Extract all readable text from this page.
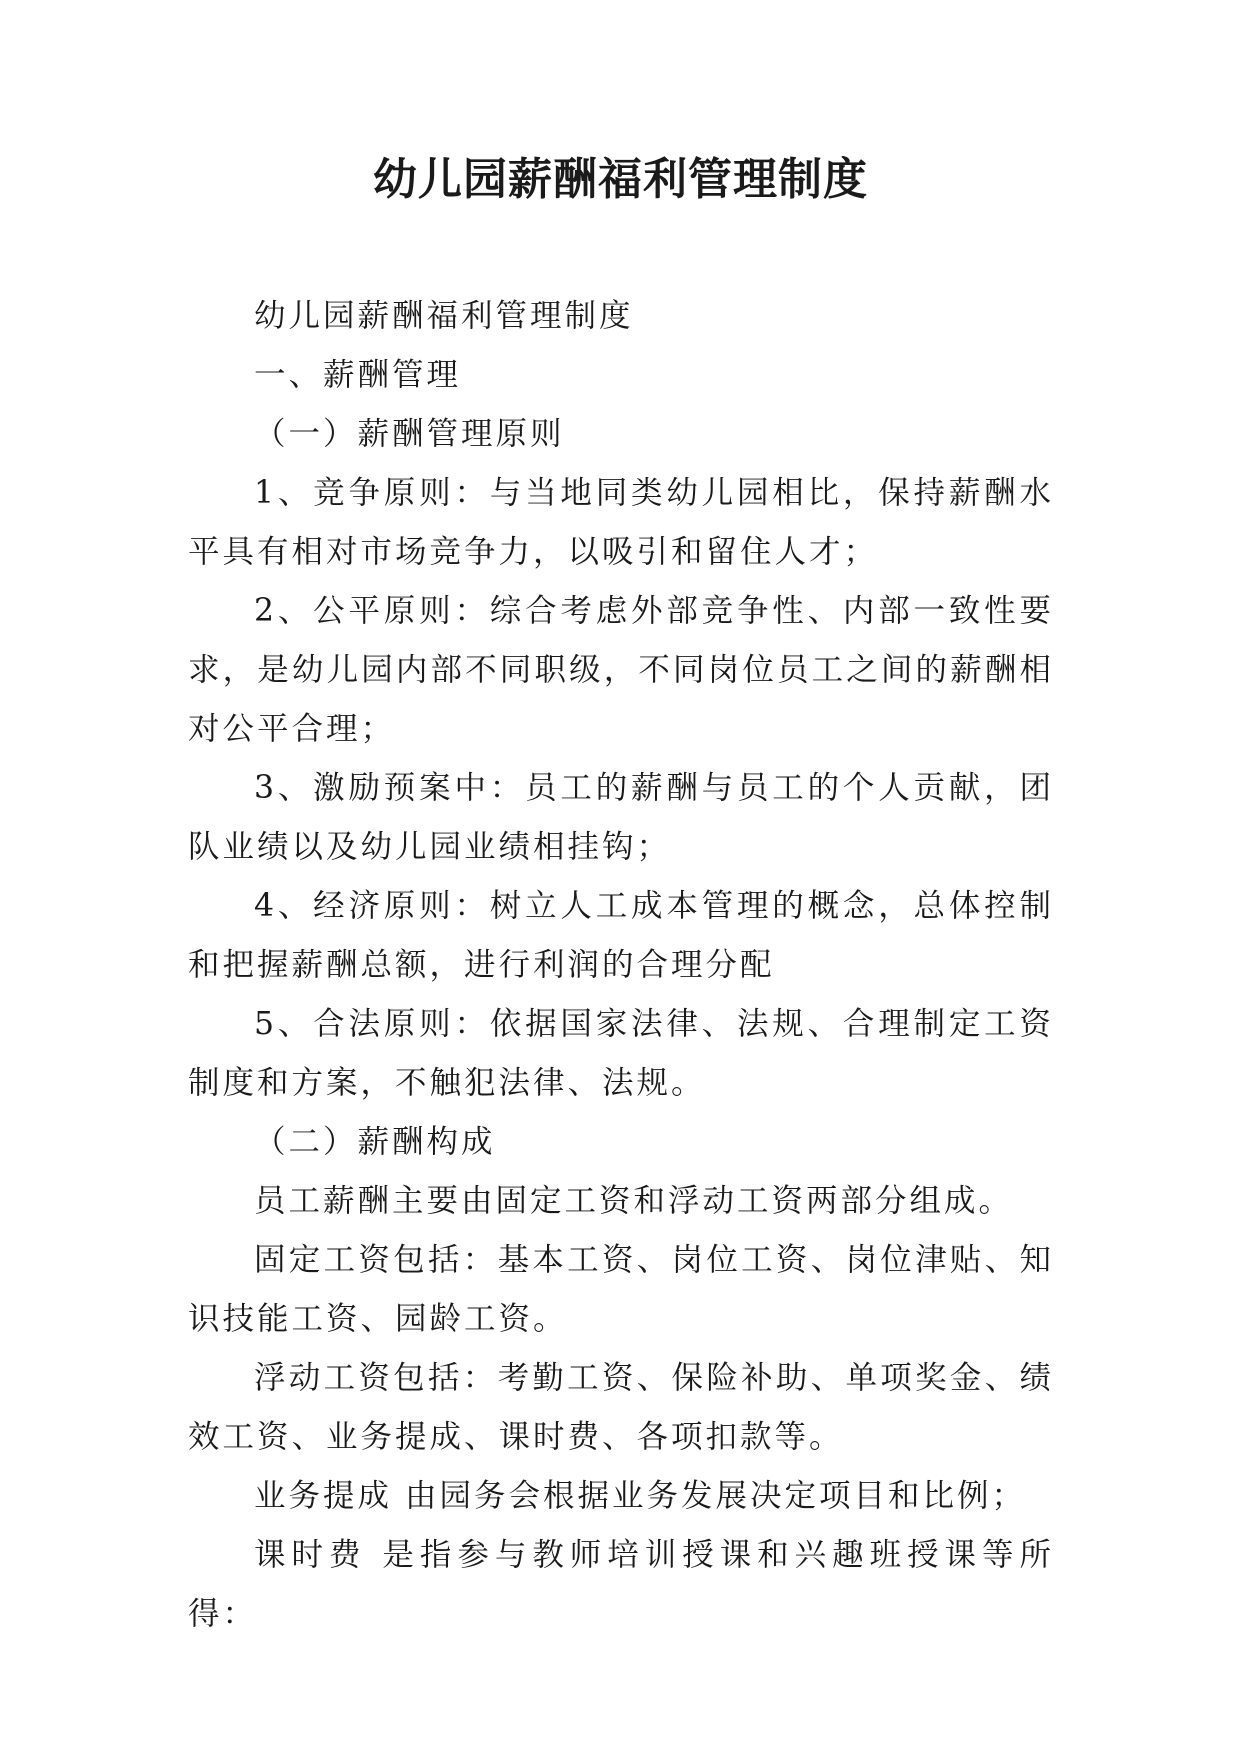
幼儿园薪酬福利管理制度

幼儿园薪酬福利管理制度

一、薪酬管理

（一）薪酬管理原则

1、竞争原则：与当地同类幼儿园相比，保持薪酬水平具有相对市场竞争力，以吸引和留住人才；

2、公平原则：综合考虑外部竞争性、内部一致性要求，是幼儿园内部不同职级，不同岗位员工之间的薪酬相对公平合理；

3、激励预案中：员工的薪酬与员工的个人贡献，团队业绩以及幼儿园业绩相挂钩；

4、经济原则：树立人工成本管理的概念，总体控制和把握薪酬总额，进行利润的合理分配

5、合法原则：依据国家法律、法规、合理制定工资制度和方案，不触犯法律、法规。

（二）薪酬构成

员工薪酬主要由固定工资和浮动工资两部分组成。

固定工资包括：基本工资、岗位工资、岗位津贴、知识技能工资、园龄工资。

浮动工资包括：考勤工资、保险补助、单项奖金、绩效工资、业务提成、课时费、各项扣款等。

业务提成 由园务会根据业务发展决定项目和比例；

课时费 是指参与教师培训授课和兴趣班授课等所得：
